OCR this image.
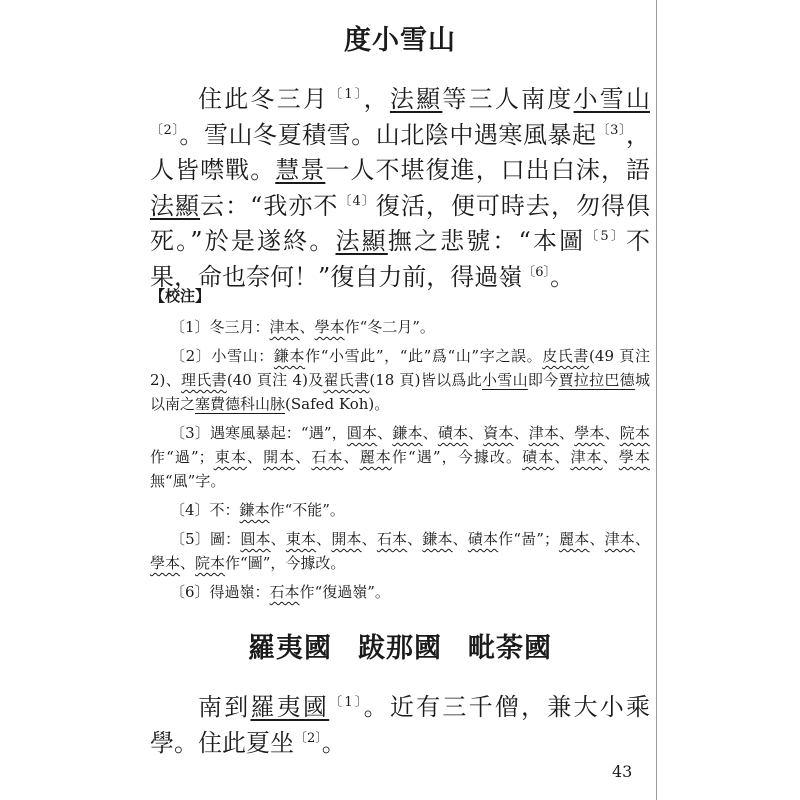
度小雪山

住此冬三月$^{〔1〕}$，法顯等三人南度小雪山$^{〔2〕}$。雪山冬夏積雪。山北陰中遇寒風暴起$^{〔3〕}$，人皆噤戰。慧景一人不堪復進，口出白沫，語法顯云：“我亦不$^{〔4〕}$復活，便可時去，勿得俱死。”於是遂終。法顯撫之悲號：“本圖$^{〔5〕}$不果，命也奈何！”復自力前，得過嶺$^{〔6〕}$。

【校注】

〔1〕冬三月：津本、學本作“冬二月”。

〔2〕小雪山：鎌本作“小雪此”，“此”爲“山”字之誤。皮氏書(49 頁注 2)、理氏書(40 頁注 4)及翟氏書(18 頁)皆以爲此小雪山即今賈拉拉巴德城以南之塞費德科山脉(Safed Koh)。

〔3〕遇寒風暴起：“遇”，圓本、鎌本、磧本、資本、津本、學本、院本作“過”；東本、開本、石本、麗本作“遇”，今據改。磧本、津本、學本無“風”字。

〔4〕不：鎌本作“不能”。

〔5〕圖：圓本、東本、開本、石本、鎌本、磧本作“啚”；麗本、津本、學本、院本作“圖”，今據改。

〔6〕得過嶺：石本作“復過嶺”。

羅夷國 跋那國 毗荼國

南到羅夷國$^{〔1〕}$。近有三千僧，兼大小乘學。住此夏坐$^{〔2〕}$。

43
